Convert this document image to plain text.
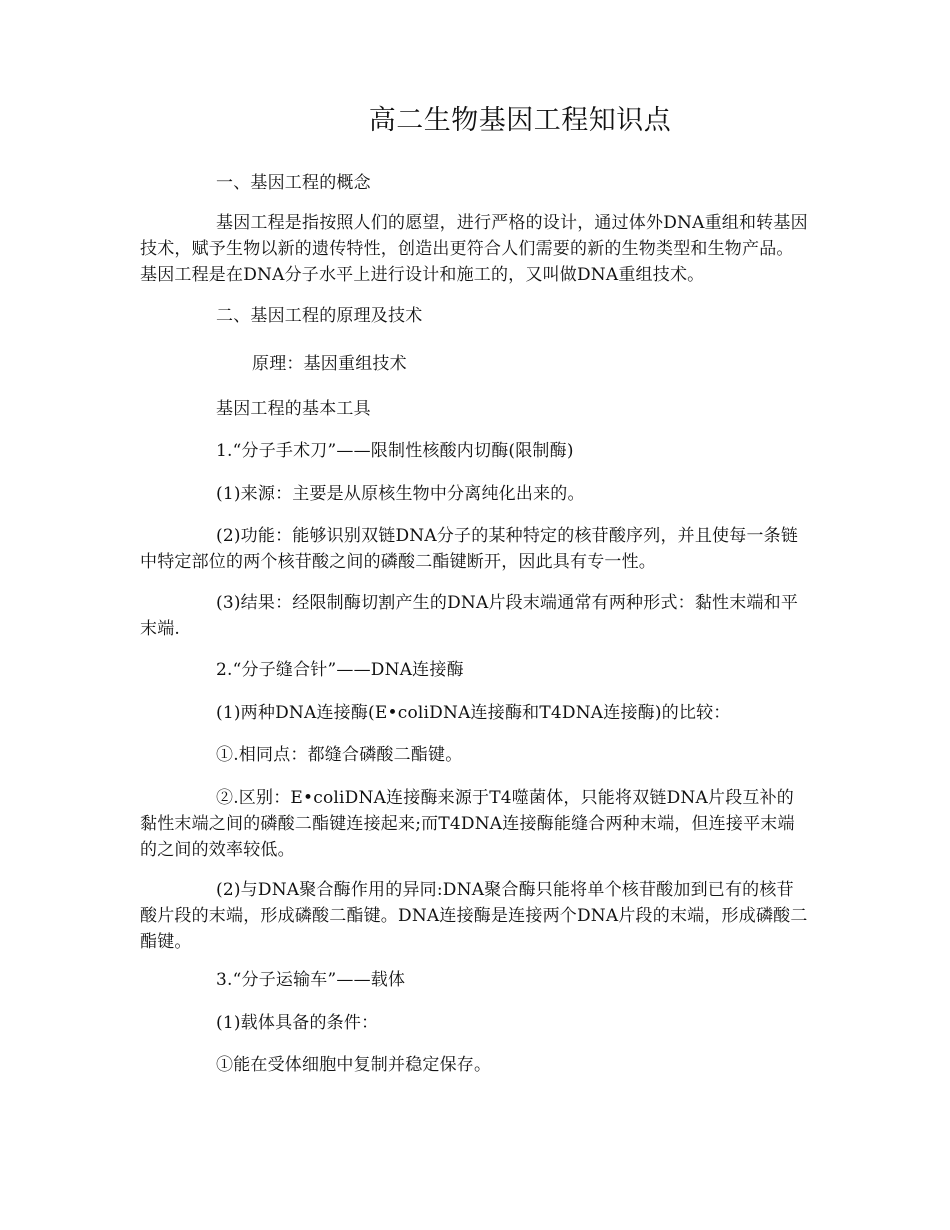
高二生物基因工程知识点

一、基因工程的概念

基因工程是指按照人们的愿望，进行严格的设计，通过体外DNA重组和转基因技术，赋予生物以新的遗传特性，创造出更符合人们需要的新的生物类型和生物产品。基因工程是在DNA分子水平上进行设计和施工的，又叫做DNA重组技术。

二、基因工程的原理及技术

原理：基因重组技术

基因工程的基本工具

1.“分子手术刀”——限制性核酸内切酶(限制酶)

(1)来源：主要是从原核生物中分离纯化出来的。

(2)功能：能够识别双链DNA分子的某种特定的核苷酸序列，并且使每一条链中特定部位的两个核苷酸之间的磷酸二酯键断开，因此具有专一性。

(3)结果：经限制酶切割产生的DNA片段末端通常有两种形式：黏性末端和平末端.

2.“分子缝合针”——DNA连接酶

(1)两种DNA连接酶(E•coliDNA连接酶和T4DNA连接酶)的比较：

①.相同点：都缝合磷酸二酯键。

②.区别：E•coliDNA连接酶来源于T4噬菌体，只能将双链DNA片段互补的黏性末端之间的磷酸二酯键连接起来;而T4DNA连接酶能缝合两种末端，但连接平末端的之间的效率较低。

(2)与DNA聚合酶作用的异同:DNA聚合酶只能将单个核苷酸加到已有的核苷酸片段的末端，形成磷酸二酯键。DNA连接酶是连接两个DNA片段的末端，形成磷酸二酯键。

3.“分子运输车”——载体

(1)载体具备的条件：

①能在受体细胞中复制并稳定保存。
